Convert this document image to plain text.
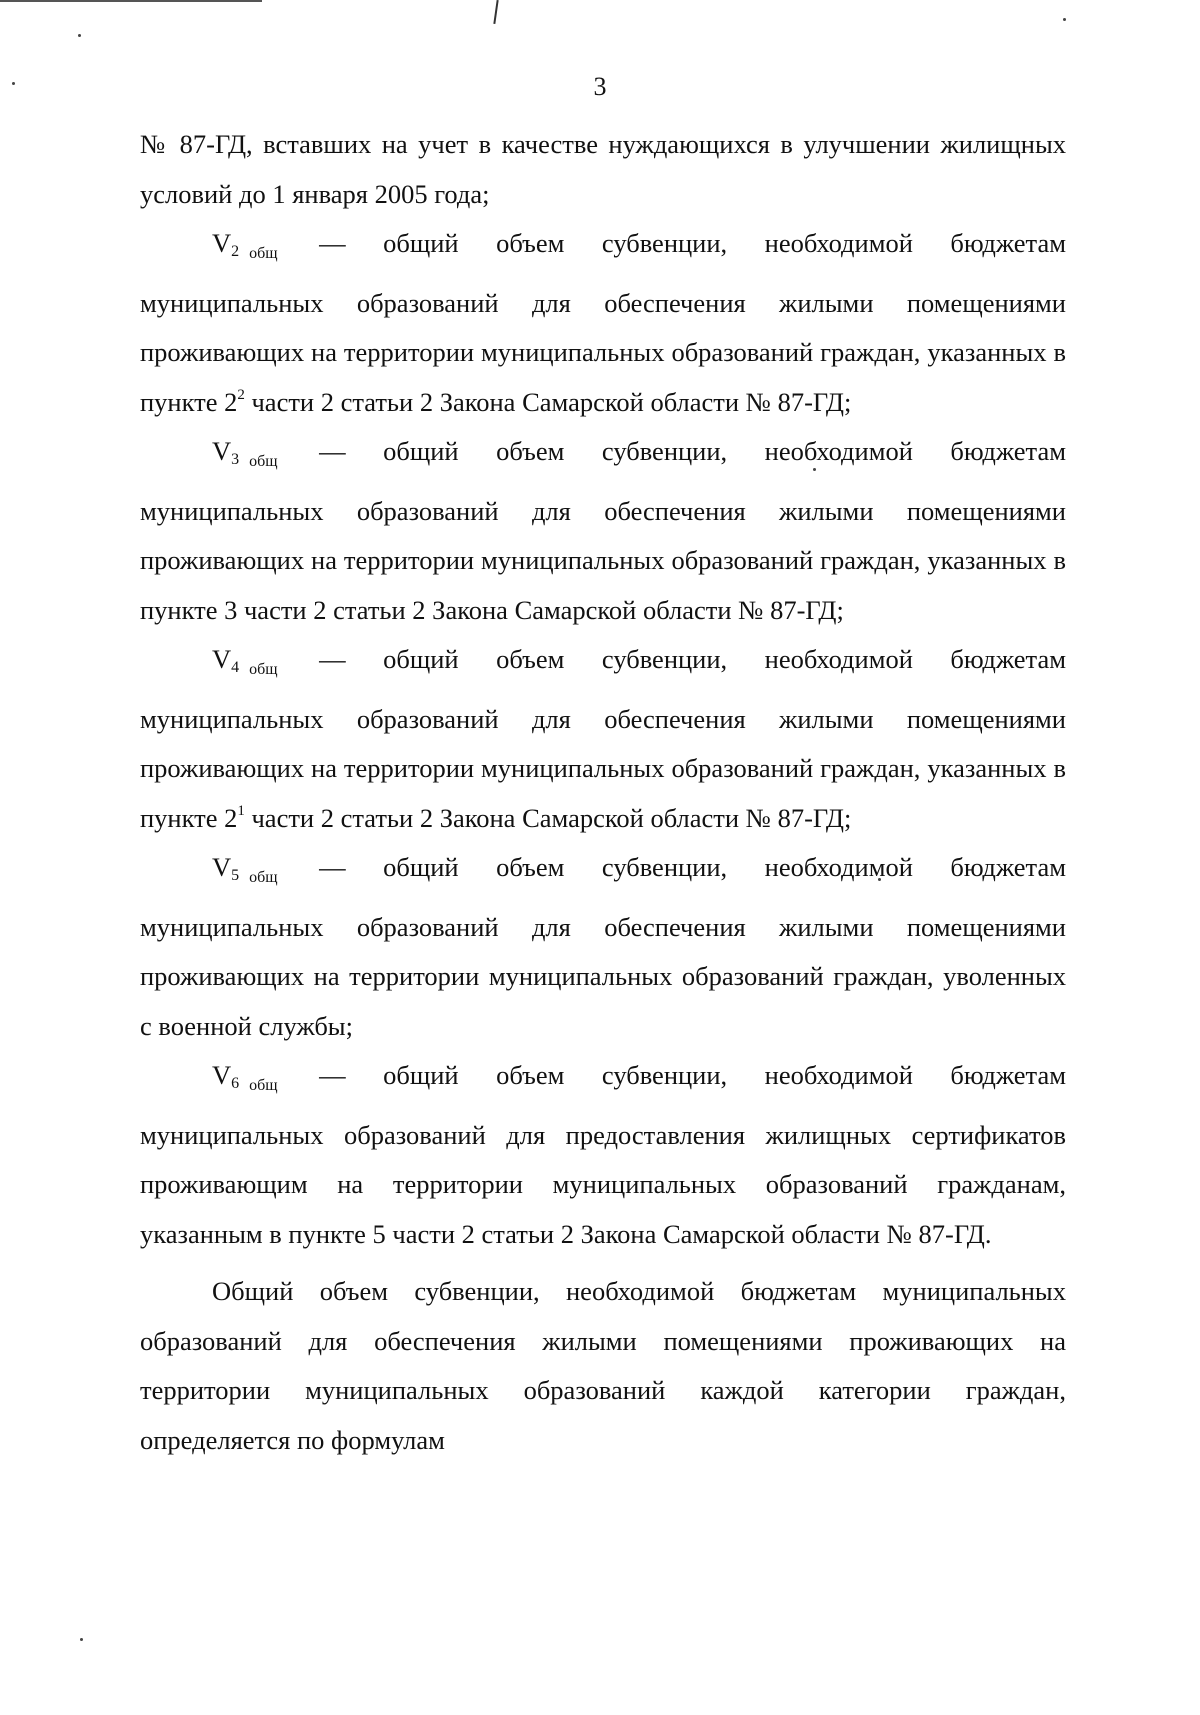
3

№ 87-ГД, вставших на учет в качестве нуждающихся в улучшении жилищных условий до 1 января 2005 года;

V2 $_{общ}$ — общий объем субвенции, необходимой бюджетам муниципальных образований для обеспечения жилыми помещениями проживающих на территории муниципальных образований граждан, указанных в пункте 2$^2$ части 2 статьи 2 Закона Самарской области № 87-ГД;

V3 $_{общ}$ — общий объем субвенции, необходимой бюджетам муниципальных образований для обеспечения жилыми помещениями проживающих на территории муниципальных образований граждан, указанных в пункте 3 части 2 статьи 2 Закона Самарской области № 87-ГД;

V4 $_{общ}$ — общий объем субвенции, необходимой бюджетам муниципальных образований для обеспечения жилыми помещениями проживающих на территории муниципальных образований граждан, указанных в пункте 2$^1$ части 2 статьи 2 Закона Самарской области № 87-ГД;

V5 $_{общ}$ — общий объем субвенции, необходимой бюджетам муниципальных образований для обеспечения жилыми помещениями проживающих на территории муниципальных образований граждан, уволенных с военной службы;

V6 $_{общ}$ — общий объем субвенции, необходимой бюджетам муниципальных образований для предоставления жилищных сертификатов проживающим на территории муниципальных образований гражданам, указанным в пункте 5 части 2 статьи 2 Закона Самарской области № 87-ГД.

Общий объем субвенции, необходимой бюджетам муниципальных образований для обеспечения жилыми помещениями проживающих на территории муниципальных образований каждой категории граждан, определяется по формулам
